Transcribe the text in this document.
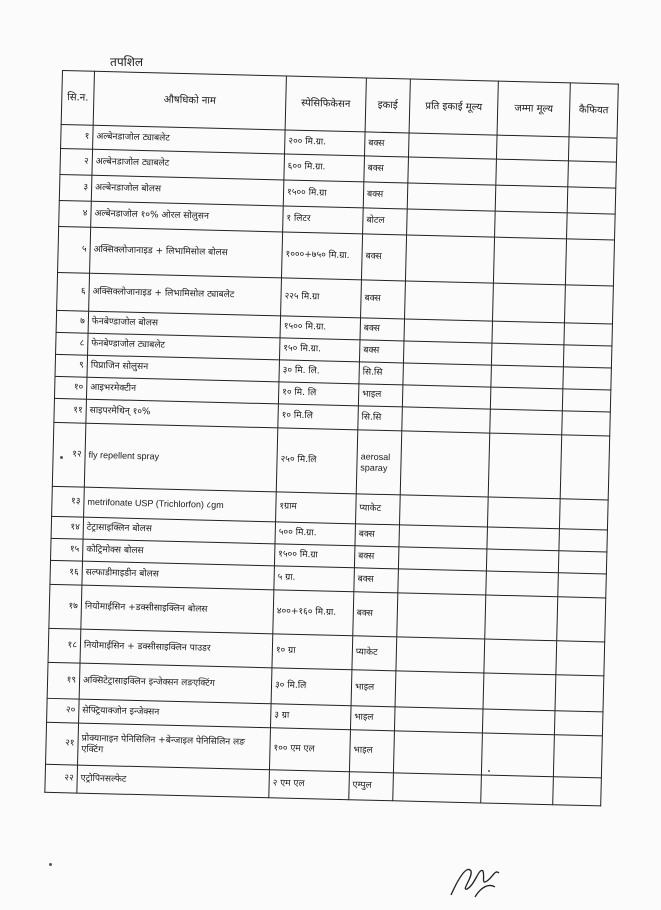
तपशिल
सि.न.	औषधिको नाम	स्पेसिफिकेसन	इकाई	प्रति इकाई मूल्य	जम्मा मूल्य	कैफियत
१	अल्बेनडाजोल ट्याबलेट	२०० मि.ग्रा.	बक्स			
२	अल्बेनडाजोल ट्याबलेट	६०० मि.ग्रा.	बक्स			
३	अल्बेनडाजोल बोलस	१५०० मि.ग्रा	बक्स			
४	अल्बेनडाजोल १०% ओरल सोलुसन	१ लिटर	बोटल			
५	अक्सिक्लोजानाइड + लिभामिसोल बोलस	१०००+७५० मि.ग्रा.	बक्स			
६	अक्सिक्लोजानाइड + लिभामिसोल ट्याबलेट	२२५ मि.ग्रा	बक्स			
७	फेनबेण्डाजोल बोलस	१५०० मि.ग्रा.	बक्स			
८	फेनबेण्डाजोल ट्याबलेट	१५० मि.ग्रा.	बक्स			
९	पिप्राजिन सोलुसन	३० मि. लि.	सि.सि			
१०	आइभरमेक्टीन	१० मि. लि	भाइल			
११	साइपरमेथिन् १०%	१० मि.लि	सि.सि			
१२	fly repellent spray	२५० मि.लि	aerosal sparay			
१३	metrifonate USP (Trichlorfon) ८gm	१ग्राम	प्याकेट			
१४	टेट्रासाइक्लिन बोलस	५०० मि.ग्रा.	बक्स			
१५	कोट्रिमोक्स बोलस	१५०० मि.ग्रा	बक्स			
१६	सल्फाडीमाइडीन बोलस	५ ग्रा.	बक्स			
१७	नियोमाईसिन +डक्सीसाइक्लिन बोलस	४००+१६० मि.ग्रा.	बक्स			
१८	नियोमाईसिन + डक्सीसाइक्लिन पाउडर	१० ग्रा	प्याकेट			
१९	अक्सिटेट्रासाइक्लिन इन्जेक्सन लङएक्टिंग	३० मि.लि	भाइल			
२०	सेफ्ट्रियाक्जोन इन्जेक्सन	३ ग्रा	भाइल			
२१	प्रोक्यानाइन पेनिसिलिन +बेन्जाइल पेनिसिलिन लङ एक्टिंग	१०० एम एल	भाइल			
२२	एट्रोपिनसल्फेट	२ एम एल	एम्पुल			
